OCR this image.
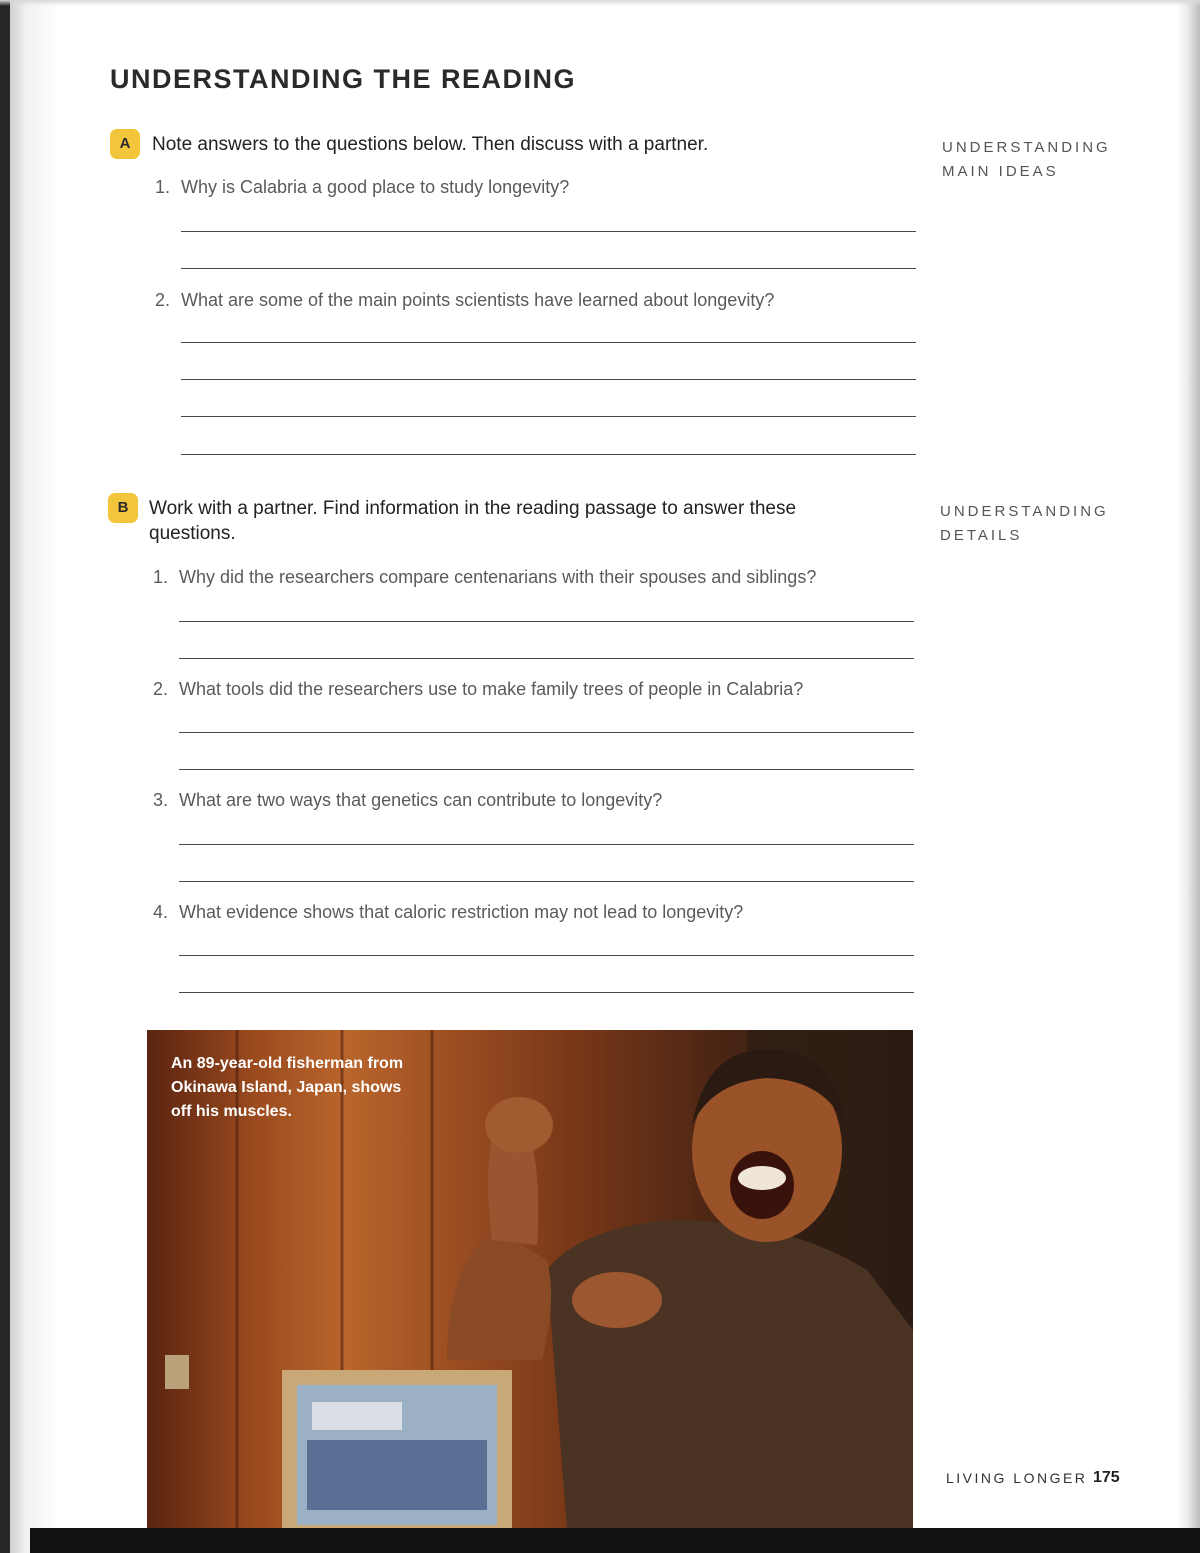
UNDERSTANDING THE READING
A	Note answers to the questions below. Then discuss with a partner.	UNDERSTANDING
MAIN IDEAS
1. Why is Calabria a good place to study longevity?
2. What are some of the main points scientists have learned about longevity?
B	Work with a partner. Find information in the reading passage to answer these questions.
UNDERSTANDING
DETAILS
1. Why did the researchers compare centenarians with their spouses and siblings?
2. What tools did the researchers use to make family trees of people in Calabria?
3. What are two ways that genetics can contribute to longevity?
4. What evidence shows that caloric restriction may not lead to longevity?
An 89-year-old fisherman from Okinawa Island, Japan, shows off his muscles.
LIVING LONGER 175
